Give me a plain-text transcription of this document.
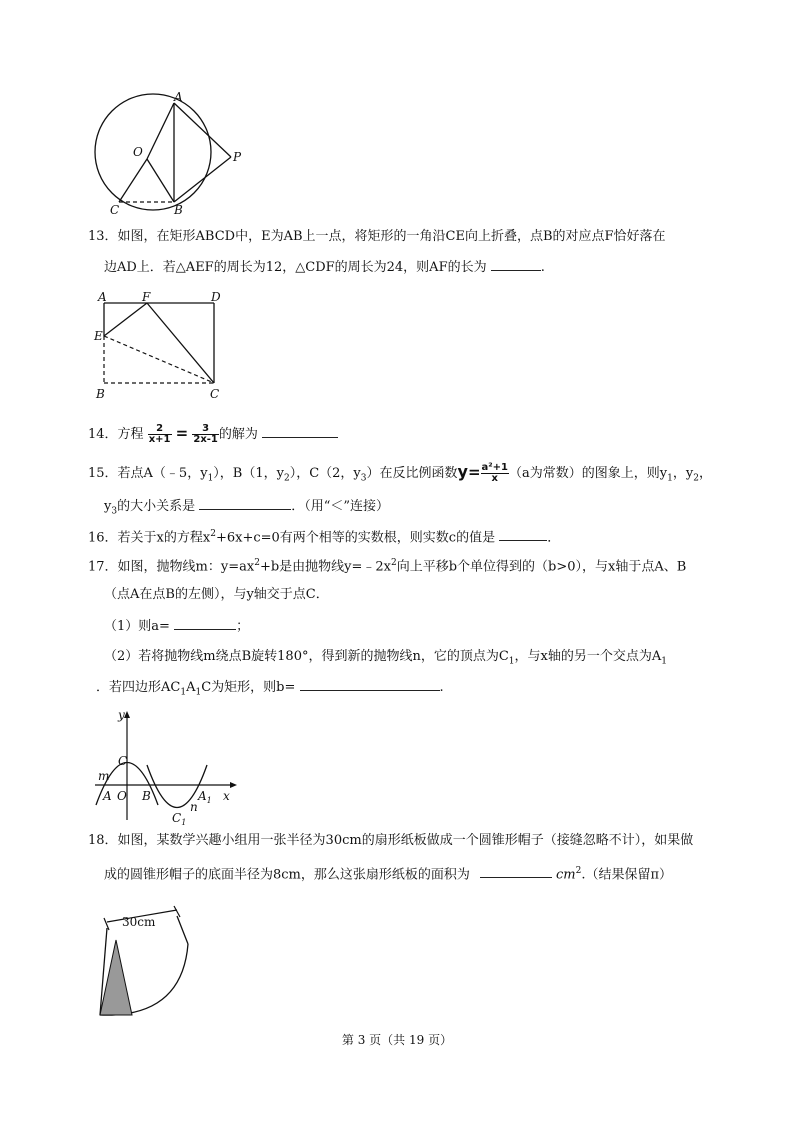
A
O	P
C	B
13．如图，在矩形ABCD中，E为AB上一点，将矩形的一角沿CE向上折叠，点B的对应点F恰好落在
边AD上．若△AEF的周长为12，△CDF的周长为24，则AF的长为	.
A	F	D
E
B	C
14．方程 $\frac{2}{x+1} = \frac{3}{2x-1}$ 的解为
15．若点A（﹣5，$y_1$），B（1，$y_2$），C（2，$y_3$）在反比例函数$y= \frac{\text{a²+1}}{x} (a$为常数）的图象上，则$y_1$，$y_2$，
$y_3$的大小关系是	．（用“＜”连接）
16．若关于x的方程$x^2+6x+c=0$有两个相等的实数根，则实数c的值是	．
17．如图，抛物线m：$y=ax^2+b$是由抛物线$y=﹣2x^2$向上平移b个单位得到的（b>0），与x轴于点A、B
（点A在点B的左侧），与y轴交于点C．
（1）则a=	；
（2）若将抛物线m绕点B旋转180°，得到新的抛物线n，它的顶点为$C_1$，与x轴的另一个交点为$A_1$
．若四边形$AC_1A_1C$为矩形，则b=	.
y
x
C
m
A O B	$A_1$
n
$C_1$
18．如图，某数学兴趣小组用一张半径为30cm的扇形纸板做成一个圆锥形帽子（接缝忽略不计），如果做
成的圆锥形帽子的底面半径为8cm，那么这张扇形纸板的面积为	$cm^2$.（结果保留π）
30cm
第 3 页（共 19 页）
